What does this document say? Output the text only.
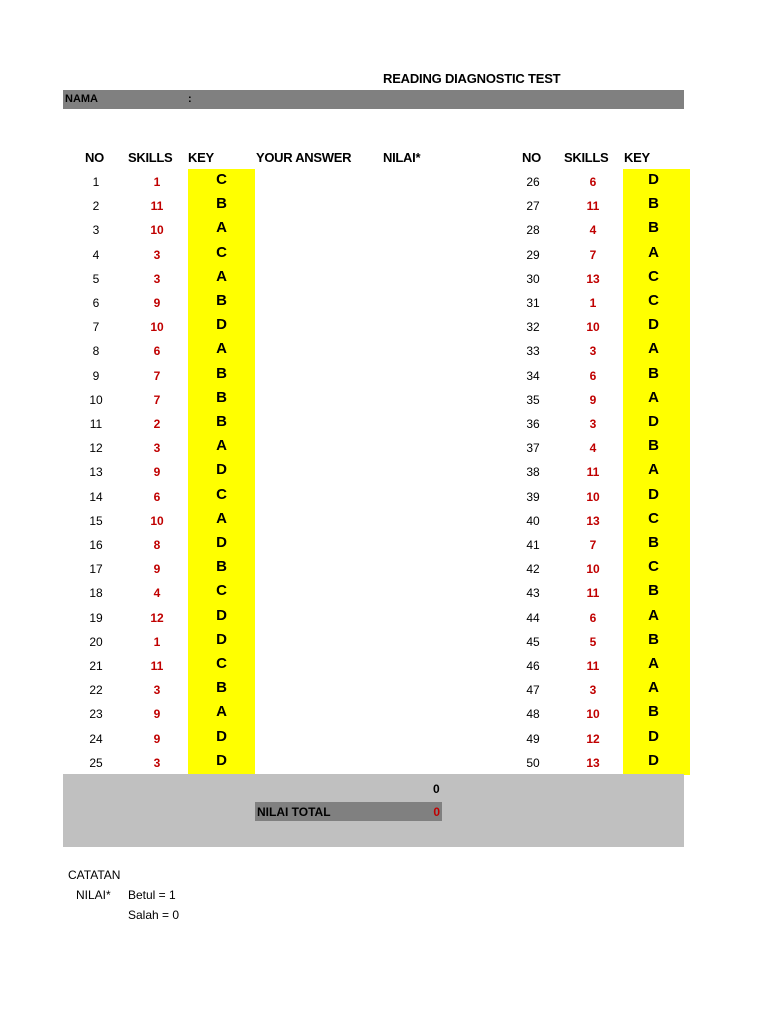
READING DIAGNOSTIC TEST
NAMA	:
NO SKILLS KEY	YOUR ANSWER NILAI*	NO SKILLS KEY
1	1	C	26	6	D
2	11	B	27	11	B
3	10	A	28	4	B
4	3	C	29	7	A
5	3	A	30	13	C
6	9	B	31	1	C
7	10	D	32	10	D
8	6	A	33	3	A
9	7	B	34	6	B
10	7	B	35	9	A
11	2	B	36	3	D
12	3	A	37	4	B
13	9	D	38	11	A
14	6	C	39	10	D
15	10	A	40	13	C
16	8	D	41	7	B
17	9	B	42	10	C
18	4	C	43	11	B
19	12	D	44	6	A
20	1	D	45	5	B
21	11	C	46	11	A
22	3	B	47	3	A
23	9	A	48	10	B
24	9	D	49	12	D
25	3	D	50	13	D
0
NILAI TOTAL	0
CATATAN
NILAI* Betul = 1
Salah = 0
